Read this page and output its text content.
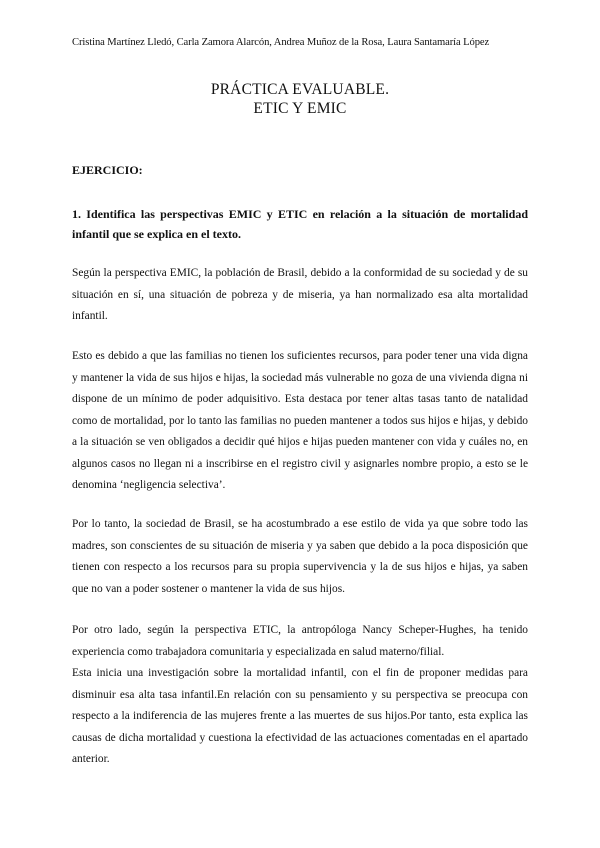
Cristina Martínez Lledó, Carla Zamora Alarcón, Andrea Muñoz de la Rosa, Laura Santamaría López
PRÁCTICA EVALUABLE.
ETIC Y EMIC
EJERCICIO:
1. Identifica las perspectivas EMIC y ETIC en relación a la situación de mortalidad infantil que se explica en el texto.

Según la perspectiva EMIC, la población de Brasil, debido a la conformidad de su sociedad y de su situación en sí, una situación de pobreza y de miseria, ya han normalizado esa alta mortalidad infantil.

Esto es debido a que las familias no tienen los suficientes recursos, para poder tener una vida digna y mantener la vida de sus hijos e hijas, la sociedad más vulnerable no goza de una vivienda digna ni dispone de un mínimo de poder adquisitivo. Esta destaca por tener altas tasas tanto de natalidad como de mortalidad, por lo tanto las familias no pueden mantener a todos sus hijos e hijas, y debido a la situación se ven obligados a decidir qué hijos e hijas pueden mantener con vida y cuáles no, en algunos casos no llegan ni a inscribirse en el registro civil y asignarles nombre propio, a esto se le denomina ‘negligencia selectiva’.

Por lo tanto, la sociedad de Brasil, se ha acostumbrado a ese estilo de vida ya que sobre todo las madres, son conscientes de su situación de miseria y ya saben que debido a la poca disposición que tienen con respecto a los recursos para su propia supervivencia y la de sus hijos e hijas, ya saben que no van a poder sostener o mantener la vida de sus hijos.

Por otro lado, según la perspectiva ETIC, la antropóloga Nancy Scheper-Hughes, ha tenido experiencia como trabajadora comunitaria y especializada en salud materno/filial.
Esta inicia una investigación sobre la mortalidad infantil, con el fin de proponer medidas para disminuir esa alta tasa infantil.En relación con su pensamiento y su perspectiva se preocupa con respecto a la indiferencia de las mujeres frente a las muertes de sus hijos.Por tanto, esta explica las causas de dicha mortalidad y cuestiona la efectividad de las actuaciones comentadas en el apartado anterior.
